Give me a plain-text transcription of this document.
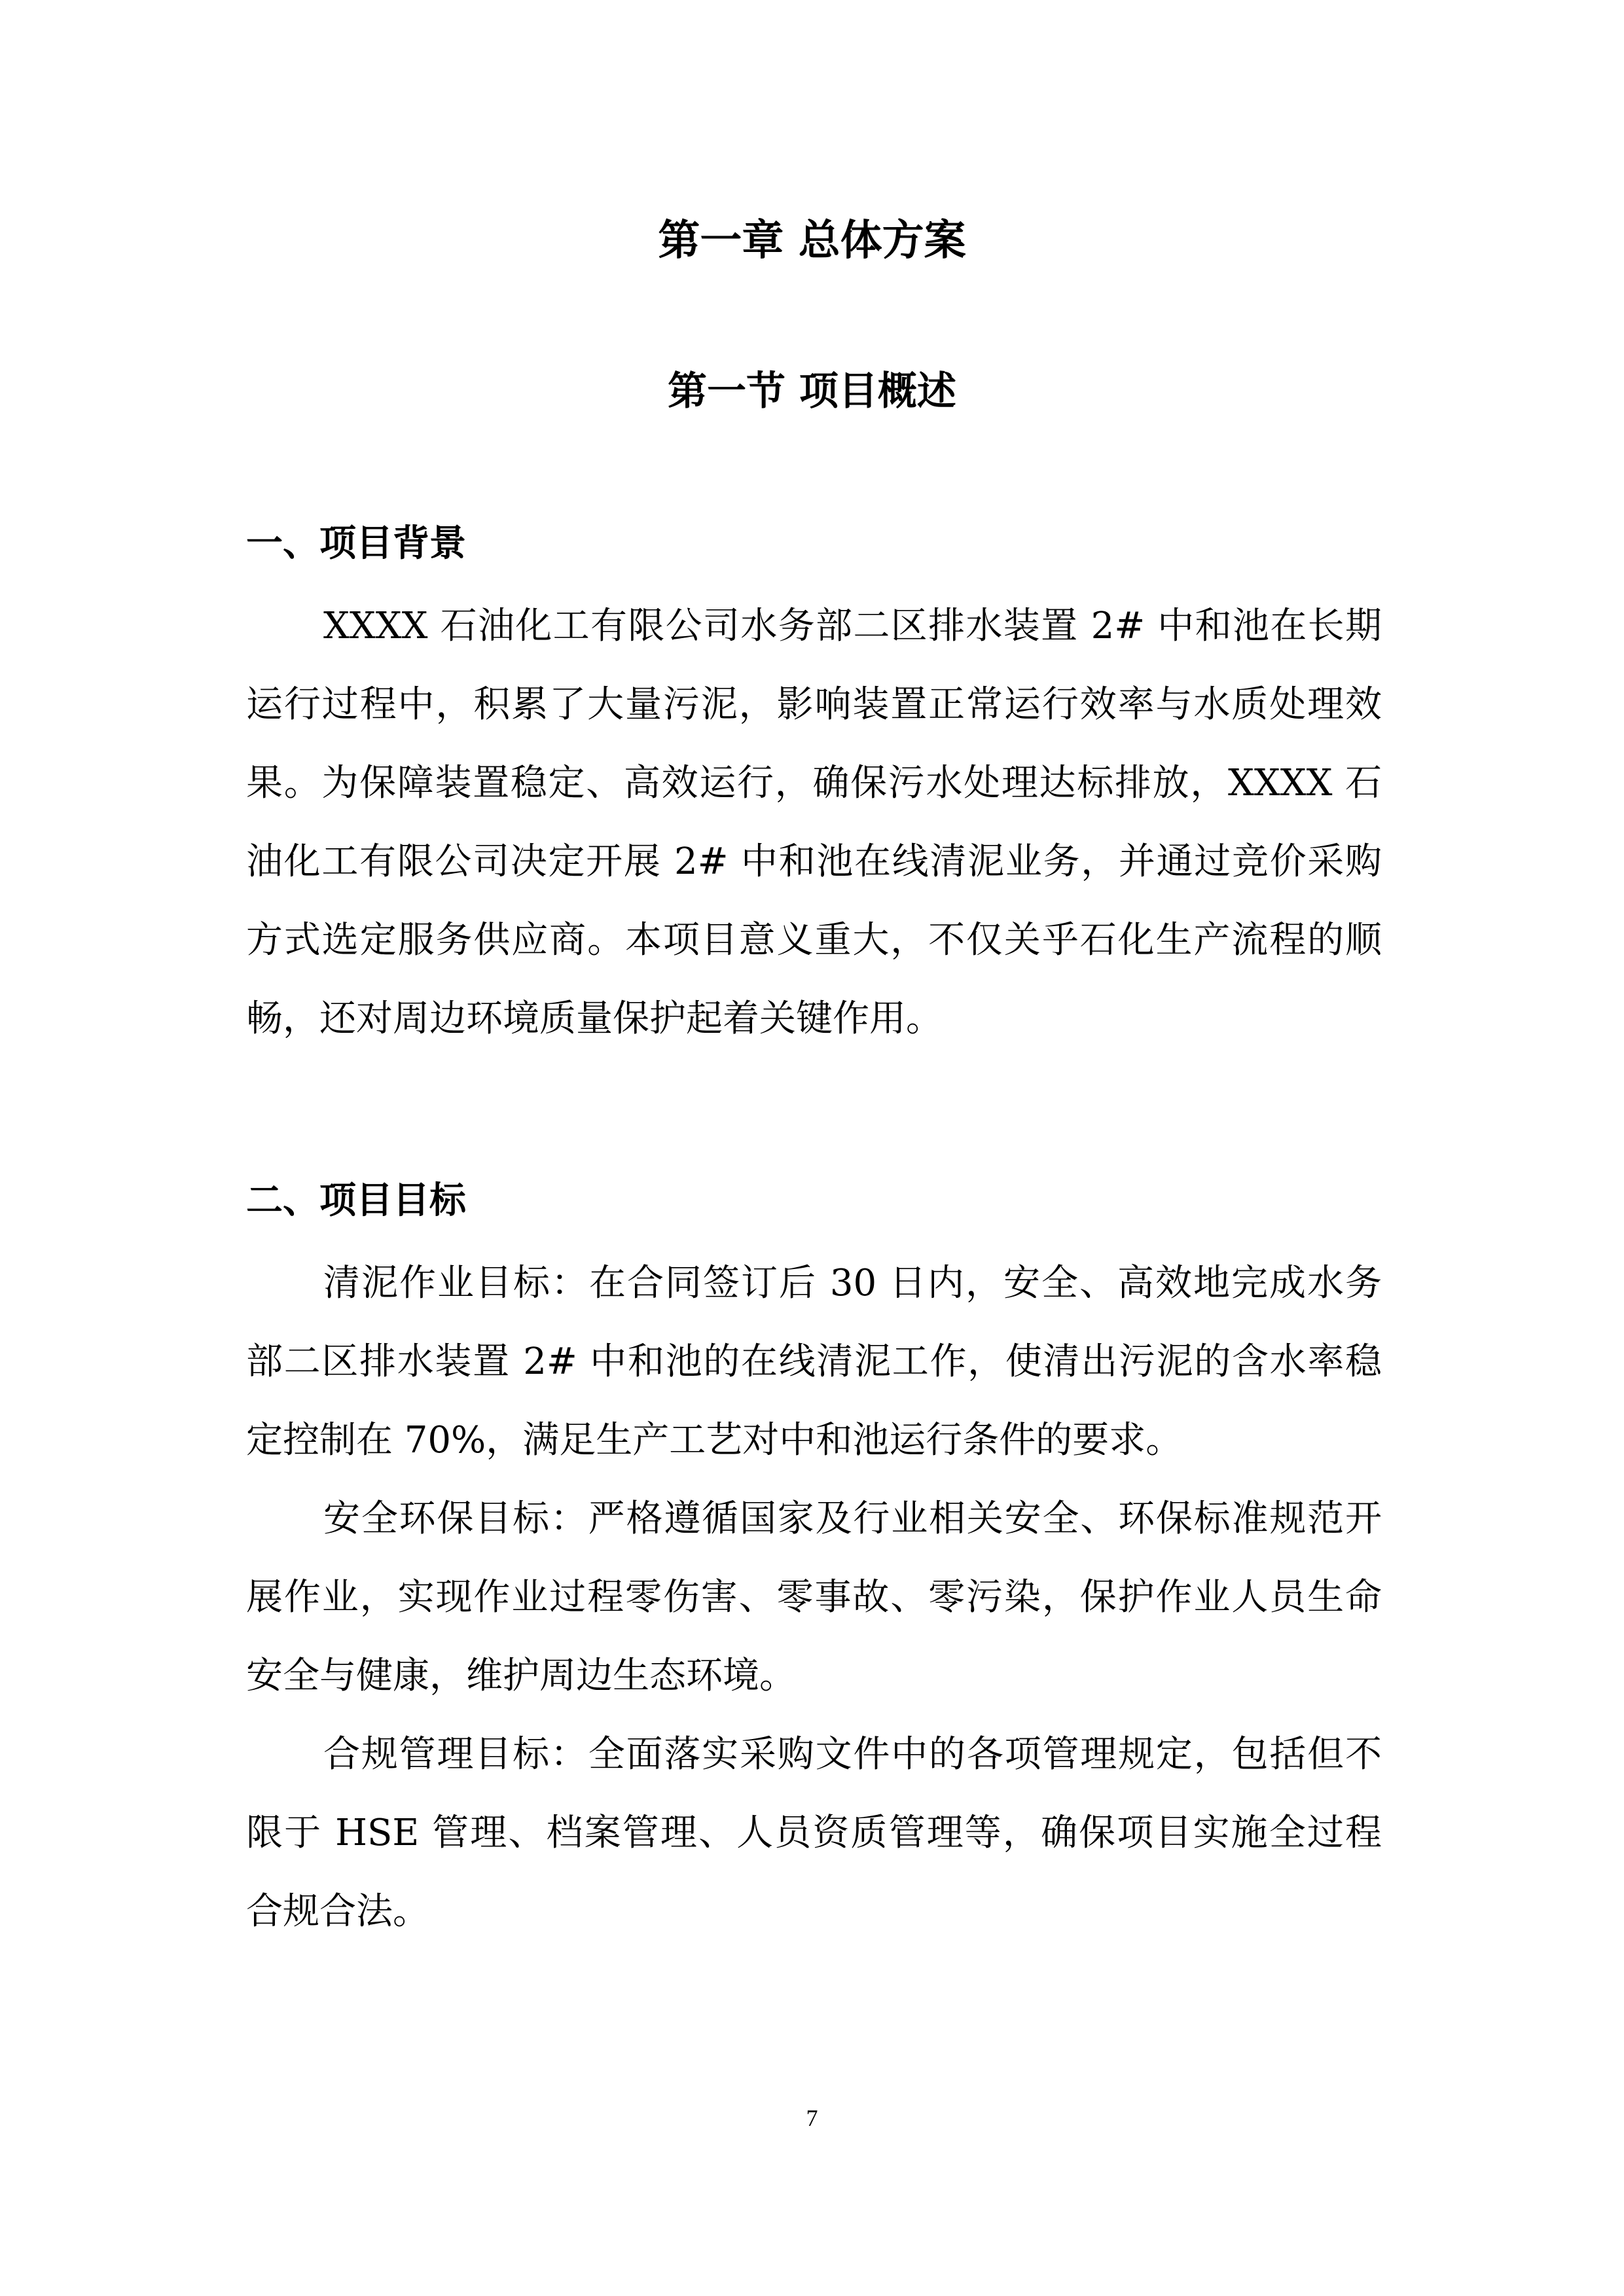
第一章 总体方案
第一节 项目概述
一、项目背景

XXXX 石油化工有限公司水务部二区排水装置 2# 中和池在长期
运行过程中，积累了大量污泥，影响装置正常运行效率与水质处理效
果。为保障装置稳定、高效运行，确保污水处理达标排放，XXXX 石
油化工有限公司决定开展 2# 中和池在线清泥业务，并通过竞价采购
方式选定服务供应商。本项目意义重大，不仅关乎石化生产流程的顺
畅，还对周边环境质量保护起着关键作用。

二、项目目标

清泥作业目标：在合同签订后 30 日内，安全、高效地完成水务
部二区排水装置 2# 中和池的在线清泥工作，使清出污泥的含水率稳
定控制在 70%，满足生产工艺对中和池运行条件的要求。

安全环保目标：严格遵循国家及行业相关安全、环保标准规范开
展作业，实现作业过程零伤害、零事故、零污染，保护作业人员生命
安全与健康，维护周边生态环境。

合规管理目标：全面落实采购文件中的各项管理规定，包括但不
限于 HSE 管理、档案管理、人员资质管理等，确保项目实施全过程
合规合法。

7
